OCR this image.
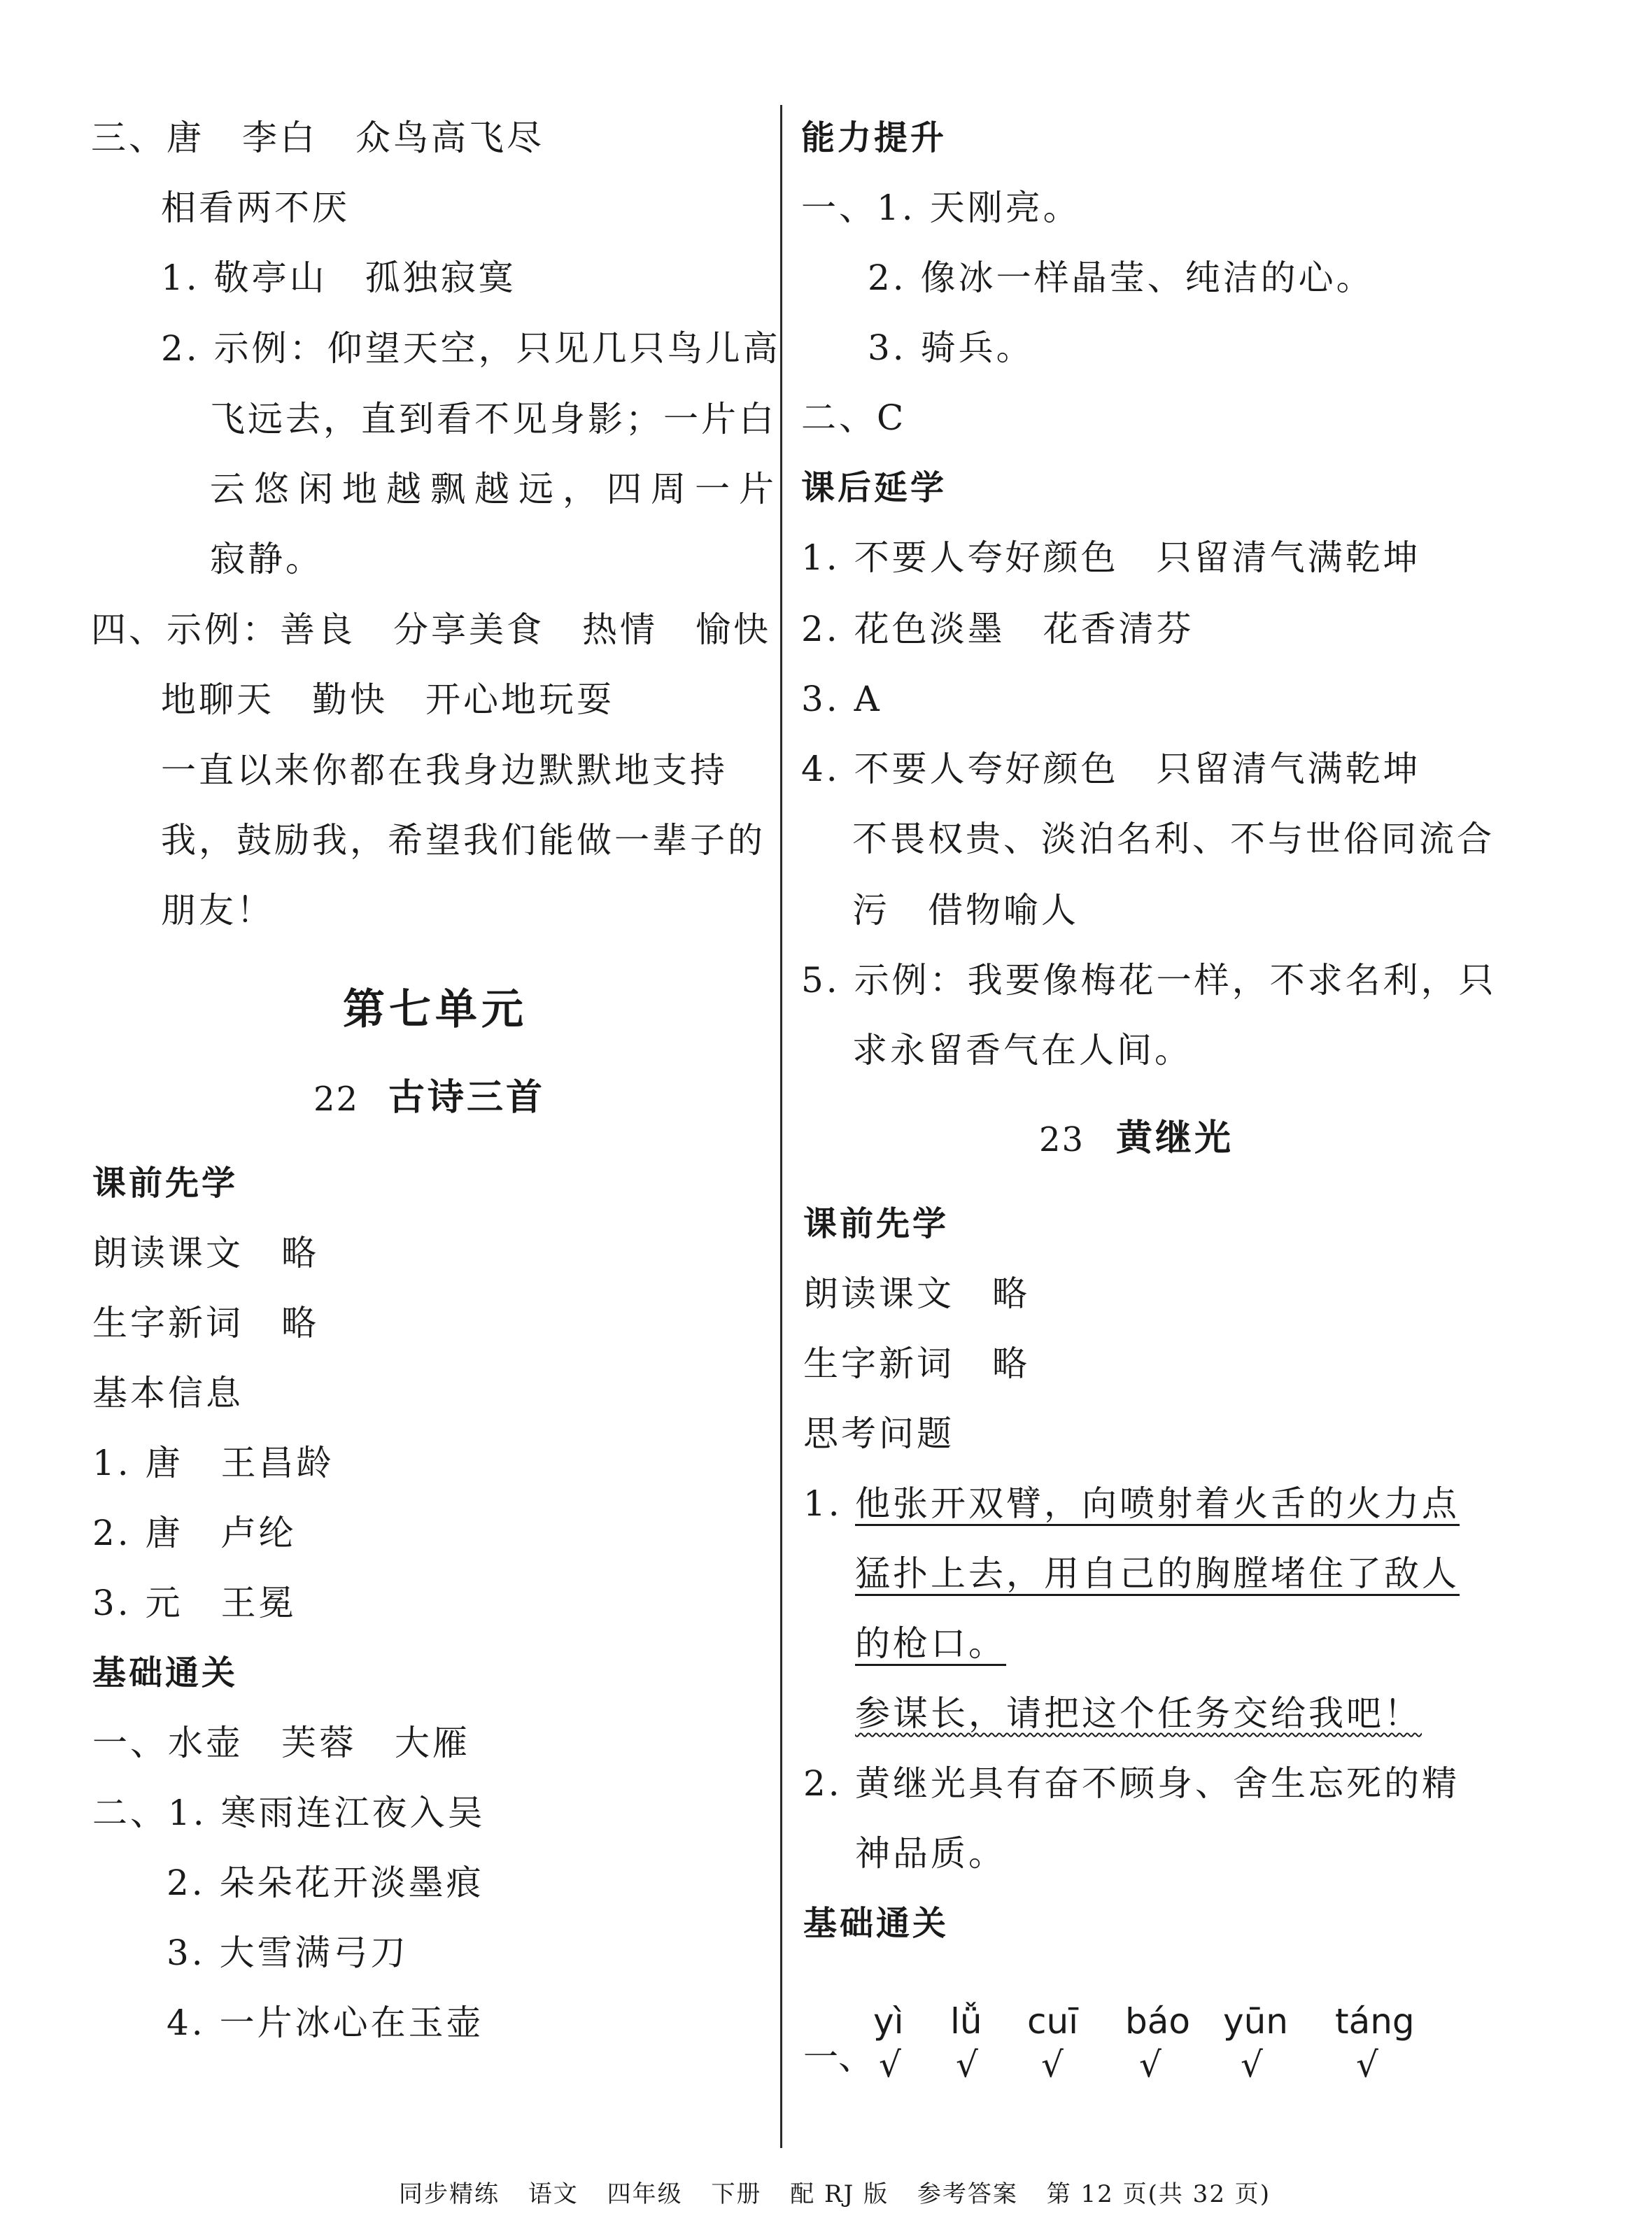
三、唐　李白　众鸟高飞尽
相看两不厌
1. 敬亭山　孤独寂寞
2. 示例：仰望天空，只见几只鸟儿高
飞远去，直到看不见身影；一片白
云悠闲地越飘越远，四周一片
寂静。
四、示例：善良　分享美食　热情　愉快
地聊天　勤快　开心地玩耍
一直以来你都在我身边默默地支持
我，鼓励我，希望我们能做一辈子的
朋友！
第七单元
22 古诗三首
课前先学
朗读课文　略
生字新词　略
基本信息
1. 唐　王昌龄
2. 唐　卢纶
3. 元　王冕
基础通关
一、水壶　芙蓉　大雁
二、1. 寒雨连江夜入吴
2. 朵朵花开淡墨痕
3. 大雪满弓刀
4. 一片冰心在玉壶
能力提升
一、1. 天刚亮。
2. 像冰一样晶莹、纯洁的心。
3. 骑兵。
二、C
课后延学
1. 不要人夸好颜色　只留清气满乾坤
2. 花色淡墨　花香清芬
3. A
4. 不要人夸好颜色　只留清气满乾坤
不畏权贵、淡泊名利、不与世俗同流合
污　借物喻人
5. 示例：我要像梅花一样，不求名利，只
求永留香气在人间。
23 黄继光
课前先学
朗读课文　略
生字新词　略
思考问题
1. 他张开双臂，向喷射着火舌的火力点
猛扑上去，用自己的胸膛堵住了敌人
的枪口。
参谋长，请把这个任务交给我吧！
2. 黄继光具有奋不顾身、舍生忘死的精
神品质。
基础通关
一、
yì lǚ cuī báo yūn táng
√ √ √ √ √	√
同步精练 语文 四年级 下册 配 RJ 版 参考答案 第 12 页(共 32 页)
